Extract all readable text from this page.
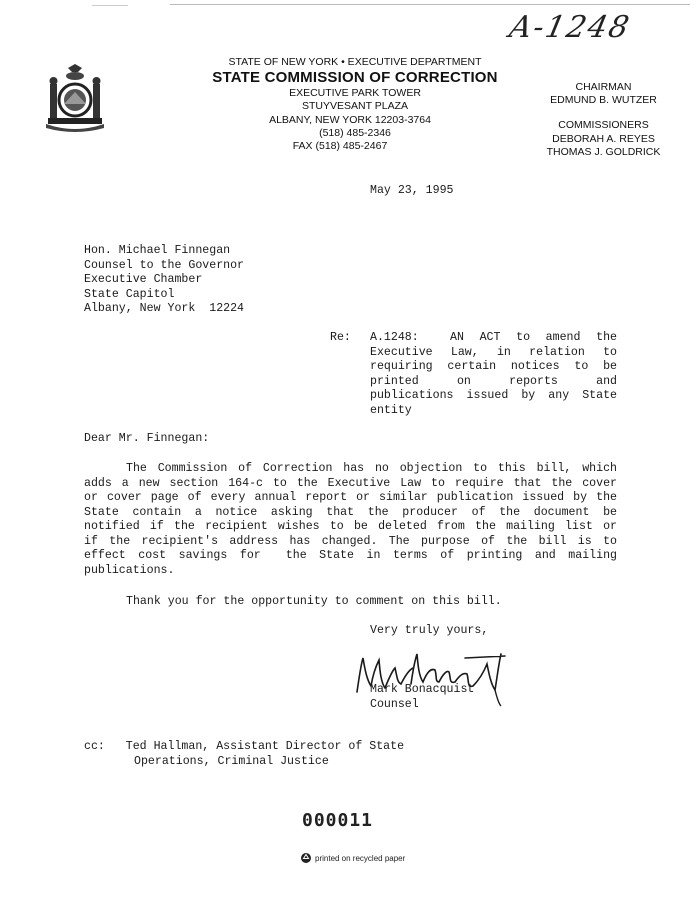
A-1248
STATE OF NEW YORK • EXECUTIVE DEPARTMENT
STATE COMMISSION OF CORRECTION
EXECUTIVE PARK TOWER
STUYVESANT PLAZA
ALBANY, NEW YORK 12203-3764
(518) 485-2346
FAX (518) 485-2467
CHAIRMAN
EDMUND B. WUTZER
COMMISSIONERS
DEBORAH A. REYES
THOMAS J. GOLDRICK
May 23, 1995
Hon. Michael Finnegan
Counsel to the Governor
Executive Chamber
State Capitol
Albany, New York  12224
Re: A.1248:    AN  ACT  to  amend  the
Executive  Law,  in  relation  to
requiring certain notices to be
printed   on   reports   and
publications issued by any State
entity
Dear Mr. Finnegan:
The Commission of Correction has no objection to this bill, which
adds a new section 164-c to the Executive Law to require that the cover
or cover page of every annual report or similar publication issued by the
State contain a notice asking that the producer of the document be
notified if the recipient wishes to be deleted from the mailing list or
if the recipient's address has changed. The purpose of the bill is to
effect cost savings for  the State in terms of printing and mailing
publications.
Thank you for the opportunity to comment on this bill.
Very truly yours,
Mark Bonacquist
Counsel
cc: Ted Hallman, Assistant Director of State
Operations, Criminal Justice
000011
printed on recycled paper
